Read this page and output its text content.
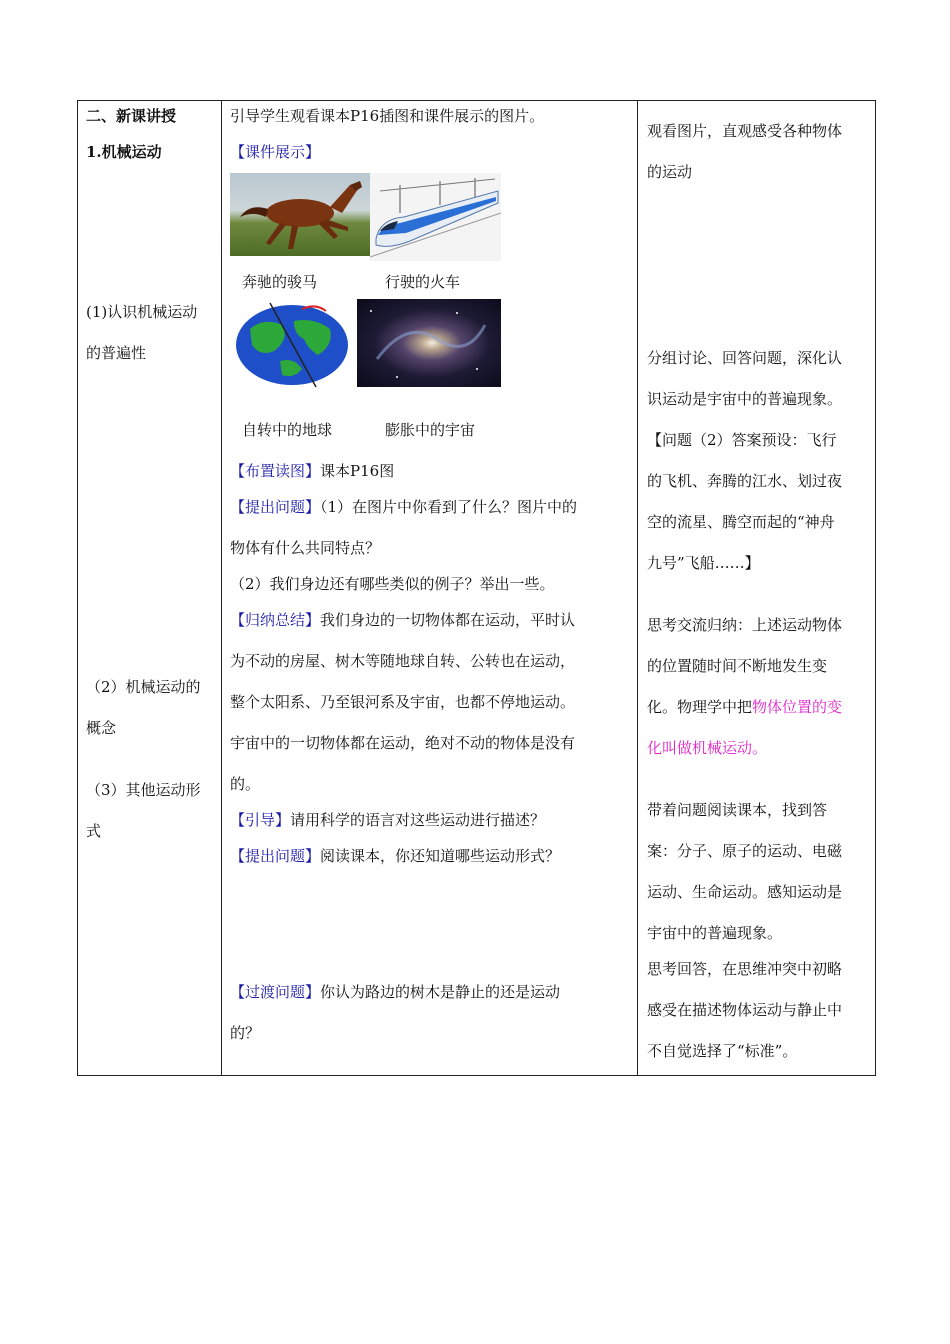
二、新课讲授
1.机械运动
(1)认识机械运动
的普遍性
（2）机械运动的
概念
（3）其他运动形
式
引导学生观看课本P16插图和课件展示的图片。
【课件展示】
奔驰的骏马	行驶的火车
自转中的地球	膨胀中的宇宙
【布置读图】课本P16图
【提出问题】（1）在图片中你看到了什么？图片中的
物体有什么共同特点？
（2）我们身边还有哪些类似的例子？举出一些。
【归纳总结】我们身边的一切物体都在运动，平时认
为不动的房屋、树木等随地球自转、公转也在运动，
整个太阳系、乃至银河系及宇宙，也都不停地运动。
宇宙中的一切物体都在运动，绝对不动的物体是没有
的。
【引导】请用科学的语言对这些运动进行描述？
【提出问题】阅读课本，你还知道哪些运动形式？
【过渡问题】你认为路边的树木是静止的还是运动
的？
观看图片，直观感受各种物体
的运动
分组讨论、回答问题，深化认
识运动是宇宙中的普遍现象。
【问题（2）答案预设：飞行
的飞机、奔腾的江水、划过夜
空的流星、腾空而起的“神舟
九号”飞船……】
思考交流归纳：上述运动物体
的位置随时间不断地发生变
化。物理学中把物体位置的变
化叫做机械运动。
带着问题阅读课本，找到答
案：分子、原子的运动、电磁
运动、生命运动。感知运动是
宇宙中的普遍现象。
思考回答，在思维冲突中初略
感受在描述物体运动与静止中
不自觉选择了“标准”。
